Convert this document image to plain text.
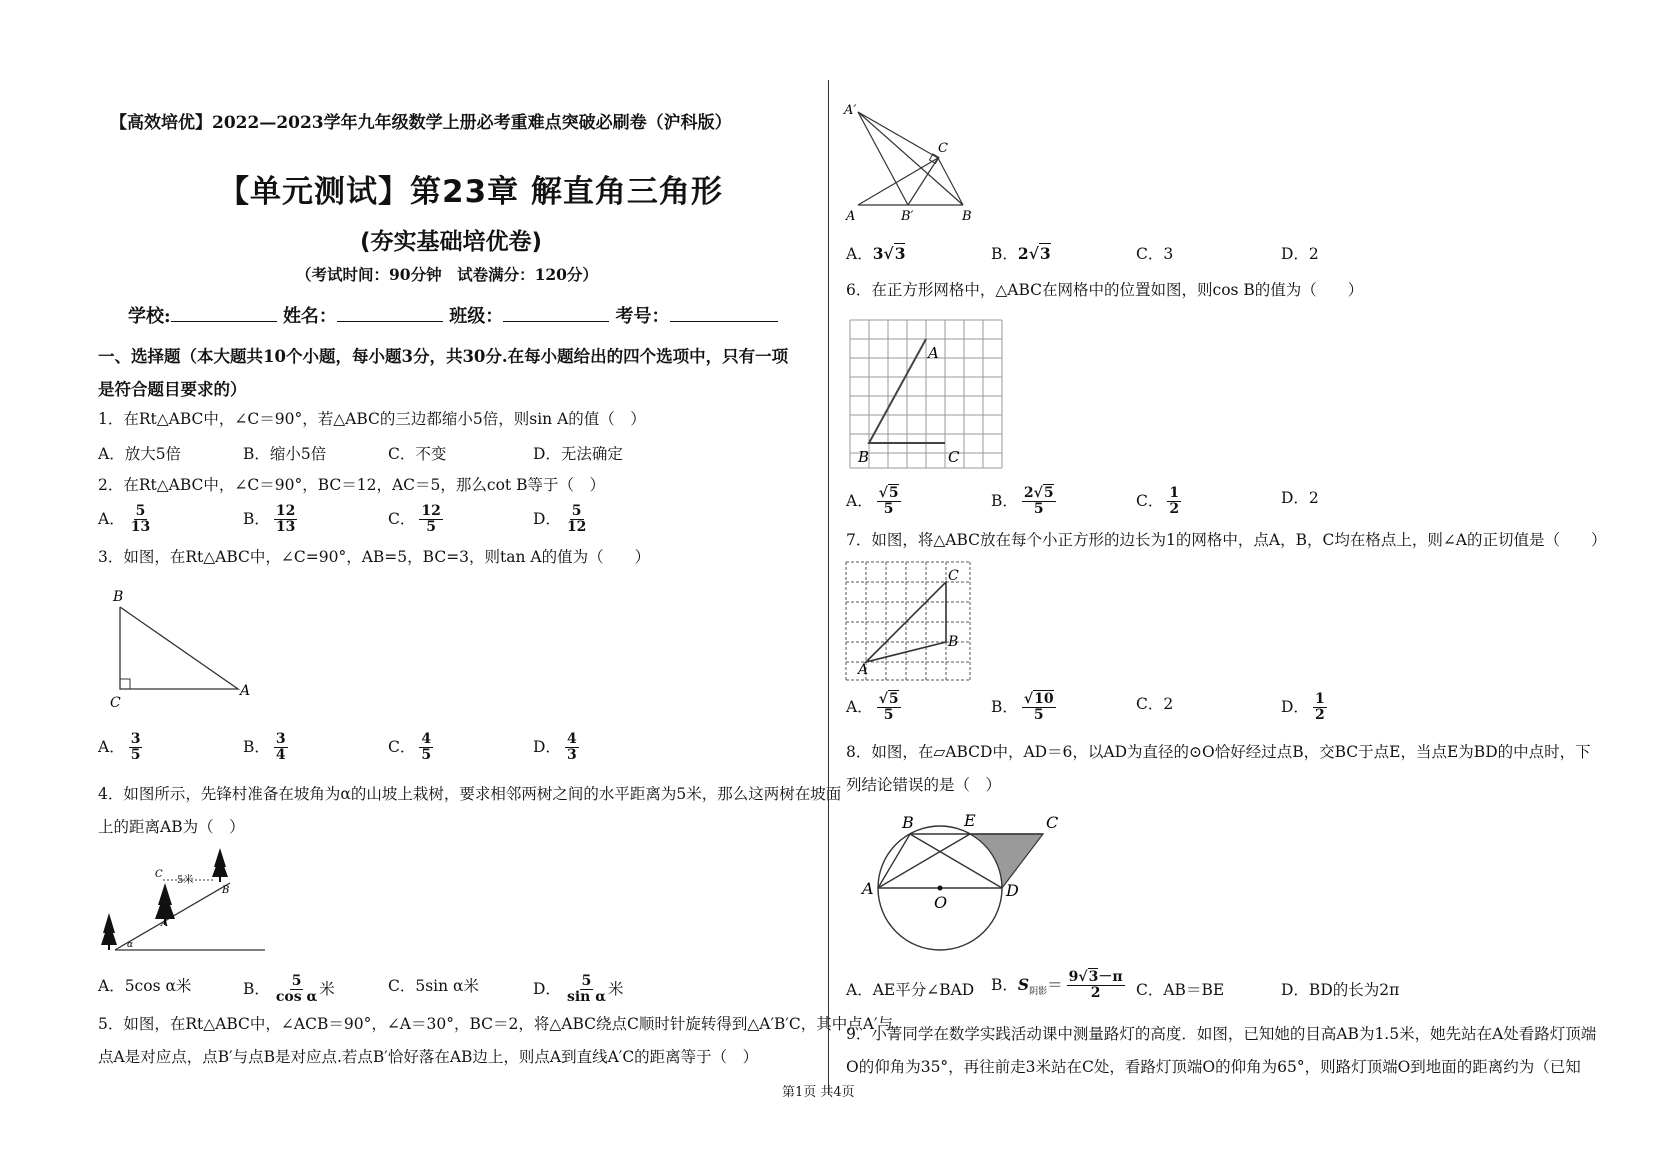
【高效培优】2022—2023学年九年级数学上册必考重难点突破必刷卷（沪科版）
【单元测试】第23章 解直角三角形
(夯实基础培优卷)
（考试时间：90分钟　试卷满分：120分）
学校:	姓名：	班级：	考号：
一、选择题（本大题共10个小题，每小题3分，共30分.在每小题给出的四个选项中，只有一项
是符合题目要求的）
1．在Rt△ABC中，∠C＝90°，若△ABC的三边都缩小5倍，则sin A的值（　）
A．放大5倍	B．缩小5倍	C．不变	D．无法确定
2．在Rt△ABC中，∠C＝90°，BC＝12，AC＝5，那么cot B等于（　）
A． $\frac{5}{13}$	B． $\frac{12}{13}$	C． $\frac{12}{5}$	D． $\frac{5}{12}$
3．如图，在Rt△ABC中，∠C=90°，AB=5，BC=3，则tan A的值为（　　）
B
C
A
A． $\frac{3}{5}$	B． $\frac{3}{4}$	C． $\frac{4}{5}$	D． $\frac{4}{3}$
4．如图所示，先锋村准备在坡角为α的山坡上栽树，要求相邻两树之间的水平距离为5米，那么这两树在坡面
上的距离AB为（　）
C
5米
B
A
α
A．5cos α米	B． $\frac{5}{\text{cos α}}$ 米	C．5sin α米	D． $\frac{5}{\text{sin α}}$ 米
5．如图，在Rt△ABC中，∠ACB＝90°，∠A＝30°，BC＝2，将△ABC绕点C顺时针旋转得到△A′B′C，其中点A′与
点A是对应点，点B′与点B是对应点.若点B′恰好落在AB边上，则点A到直线A′C的距离等于（　）
A′
C
A	B′	B
A．3√3	B．2√3	C．3	D．2
6．在正方形网格中，△ABC在网格中的位置如图，则cos B的值为（　　）
A
B	C
A． $\frac{√5}{5}$	B． $\frac{2√5}{5}$	C． $\frac{1}{2}$	D．2
7．如图，将△ABC放在每个小正方形的边长为1的网格中，点A，B，C均在格点上，则∠A的正切值是（　　）
C
B
A
A． $\frac{√5}{5}$	B． $\frac{√10}{5}$	C．2	D． $\frac{1}{2}$
8．如图，在▱ABCD中，AD＝6，以AD为直径的⊙O恰好经过点B，交BC于点E，当点E为BD的中点时，下
列结论错误的是（　）
B	E	C
A
O
D
A．AE平分∠BAD B．$S_{阴影}= \frac{9√3-\pi}{2}$ C．AB＝BE	D．BD的长为2π
9．小菁同学在数学实践活动课中测量路灯的高度．如图，已知她的目高AB为1.5米，她先站在A处看路灯顶端
O的仰角为35°，再往前走3米站在C处，看路灯顶端O的仰角为65°，则路灯顶端O到地面的距离约为（已知
第1页 共4页
